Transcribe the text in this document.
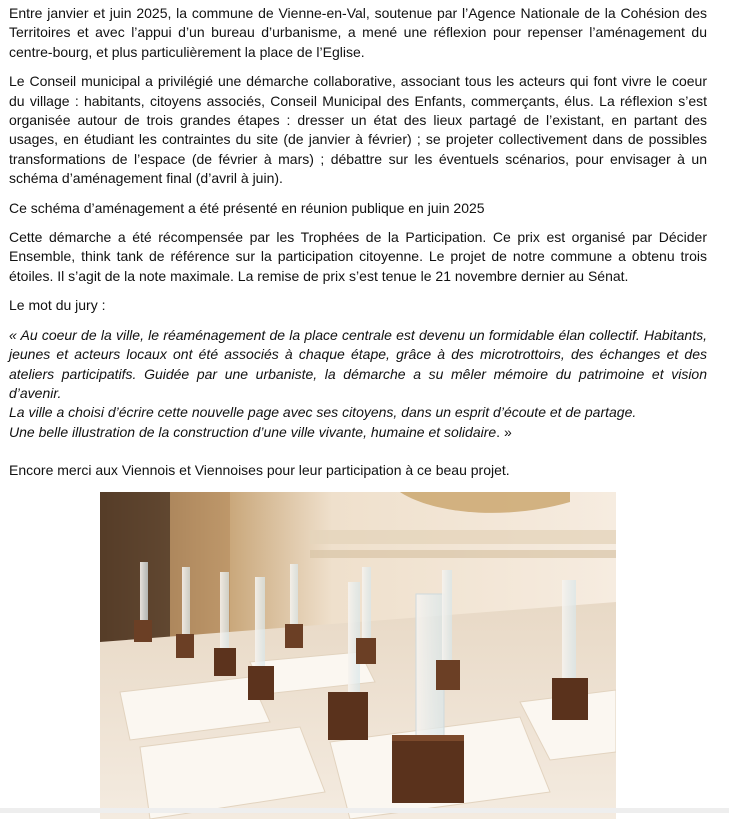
Entre janvier et juin 2025, la commune de Vienne-en-Val, soutenue par l’Agence Nationale de la Cohésion des Territoires et avec l’appui d’un bureau d’urbanisme, a mené une réflexion pour repenser l’aménagement du centre-bourg, et plus particulièrement la place de l’Eglise.

Le Conseil municipal a privilégié une démarche collaborative, associant tous les acteurs qui font vivre le coeur du village : habitants, citoyens associés, Conseil Municipal des Enfants, commerçants, élus. La réflexion s’est organisée autour de trois grandes étapes : dresser un état des lieux partagé de l’existant, en partant des usages, en étudiant les contraintes du site (de janvier à février) ; se projeter collectivement dans de possibles transformations de l’espace (de février à mars) ; débattre sur les éventuels scénarios, pour envisager à un schéma d’aménagement final (d’avril à juin).

Ce schéma d’aménagement a été présenté en réunion publique en juin 2025

Cette démarche a été récompensée par les Trophées de la Participation. Ce prix est organisé par Décider Ensemble, think tank de référence sur la participation citoyenne. Le projet de notre commune a obtenu trois étoiles. Il s’agit de la note maximale. La remise de prix s’est tenue le 21 novembre dernier au Sénat.

Le mot du jury :

« Au coeur de la ville, le réaménagement de la place centrale est devenu un formidable élan collectif. Habitants, jeunes et acteurs locaux ont été associés à chaque étape, grâce à des microtrottoirs, des échanges et des ateliers participatifs. Guidée par une urbaniste, la démarche a su mêler mémoire du patrimoine et vision d’avenir.
La ville a choisi d’écrire cette nouvelle page avec ses citoyens, dans un esprit d’écoute et de partage.
Une belle illustration de la construction d’une ville vivante, humaine et solidaire. »

Encore merci aux Viennois et Viennoises pour leur participation à ce beau projet.
